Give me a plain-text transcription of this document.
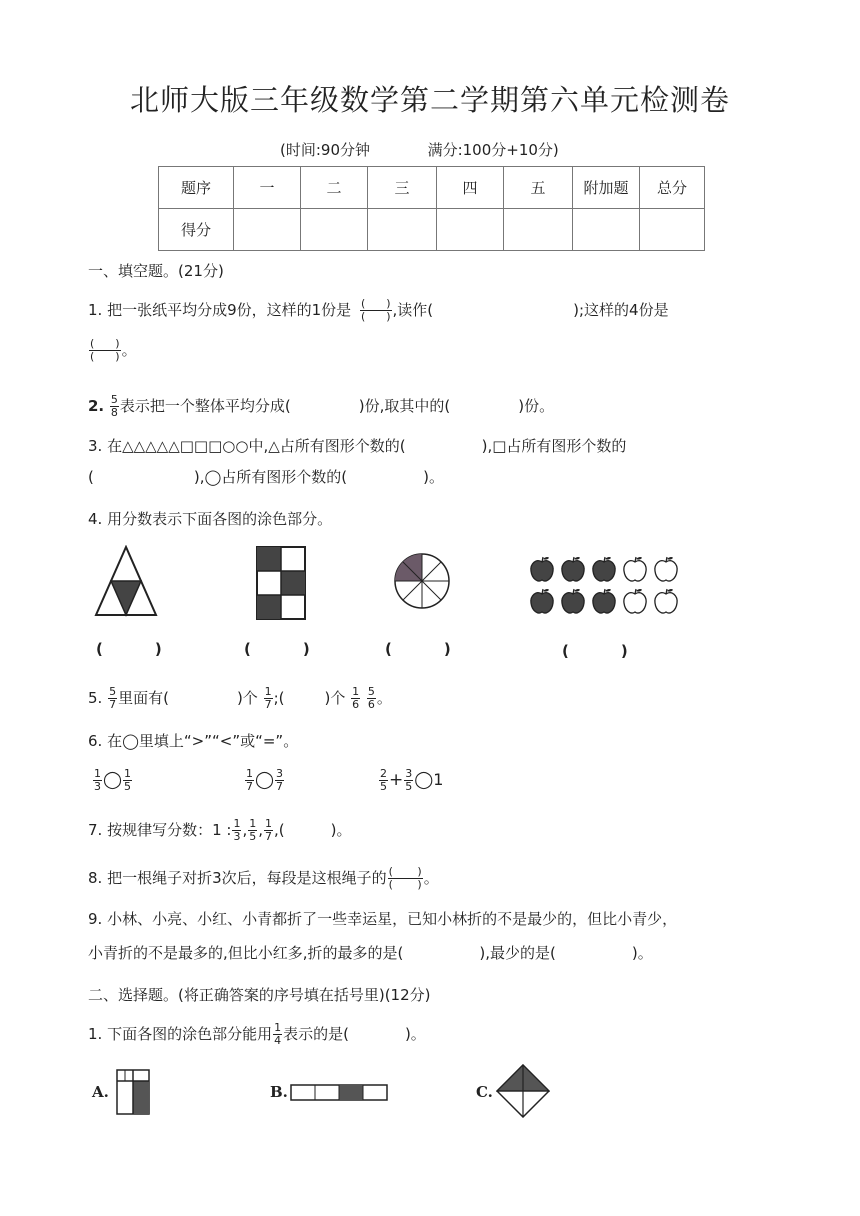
北师大版三年级数学第二学期第六单元检测卷
(时间:90分钟	满分:100分+10分)
题序	一	二	三	四	五	附加题	总分
得分							
一、填空题。(21分)
1. 把一张纸平均分成9份，这样的1份是 $\frac{( )}{( )}$ ,读作(	);这样的4份是
$\frac{( )}{( )}$ 。
2. $\frac{5}{8}$ 表示把一个整体平均分成(	)份,取其中的(	)份。
3. 在△△△△△□□□○○中,△占所有图形个数的(	),□占所有图形个数的
(	),◯占所有图形个数的(	)。
4. 用分数表示下面各图的涂色部分。
(	)	(	)	(	)	(	)
5. $\frac{5}{7}$ 里面有(	)个 $\frac{1}{7}$ ;(	)个 $\frac{1}{6}$
$\frac{5}{6}$ 。
6. 在◯里填上“>”“<”或“=”。
$\frac{1}{3}$ ◯ $\frac{1}{5}$	$\frac{1}{7}$ ◯ $\frac{3}{7}$	$\frac{2}{5} + \frac{3}{5}$ ◯1
7. 按规律写分数：1 : $\frac{1}{3}$ , $\frac{1}{5}$ , $\frac{1}{7}$ ,(	)。
8. 把一根绳子对折3次后，每段是这根绳子的 $\frac{( )}{( )}$ 。
9. 小林、小亮、小红、小青都折了一些幸运星，已知小林折的不是最少的，但比小青少，
小青折的不是最多的,但比小红多,折的最多的是(	),最少的是(	)。
二、选择题。(将正确答案的序号填在括号里)(12分)
1. 下面各图的涂色部分能用 $\frac{1}{4}$ 表示的是(	)。
A.	B.	C.
